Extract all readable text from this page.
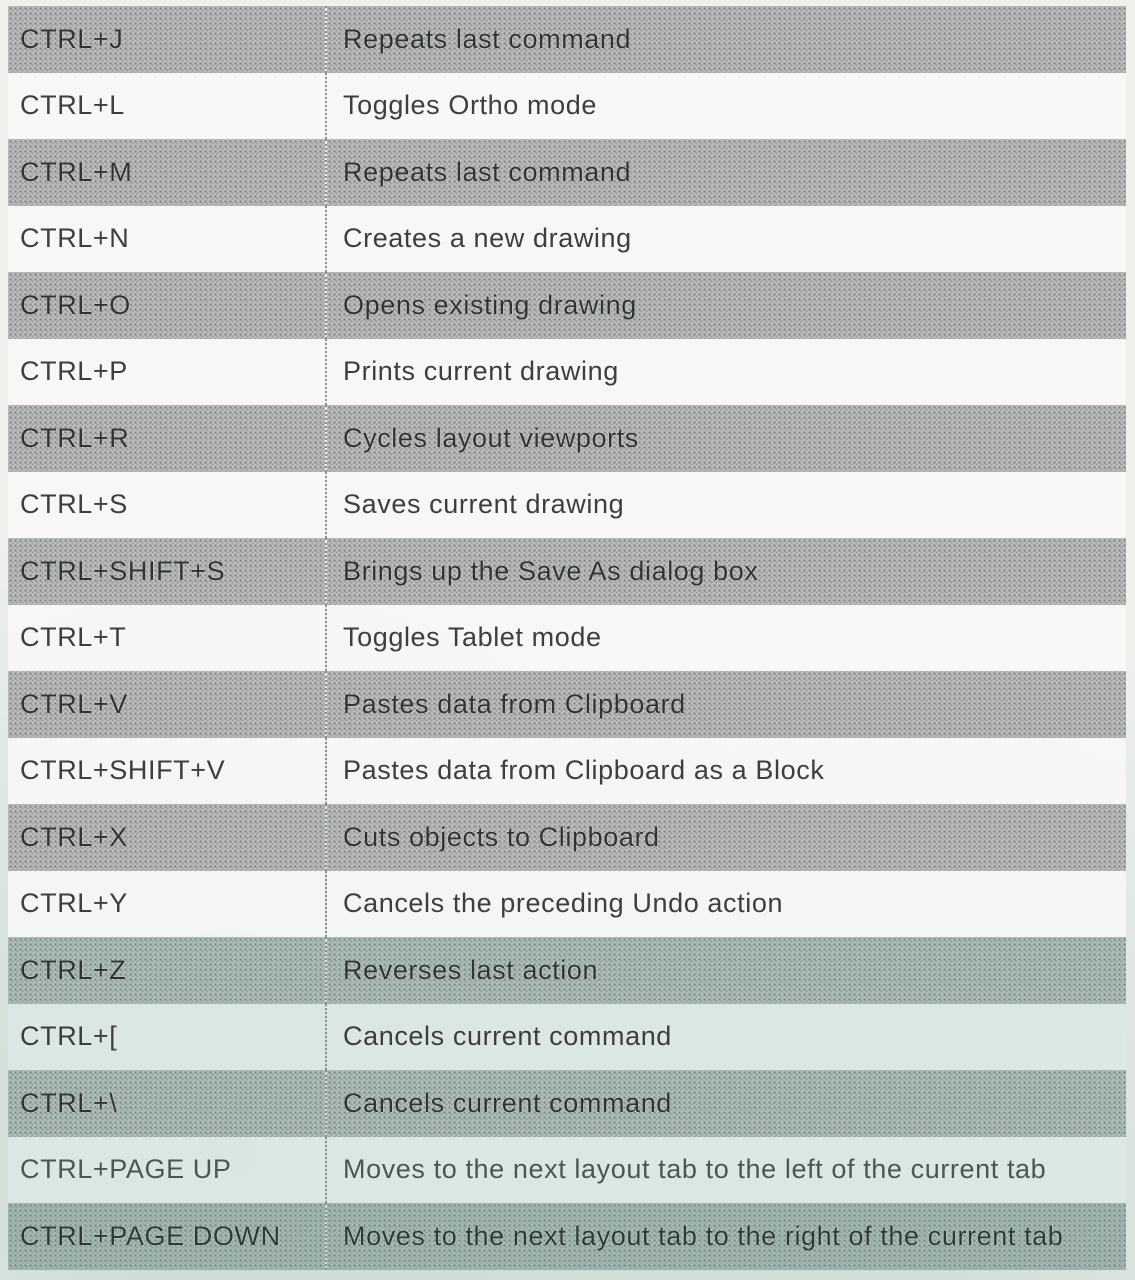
CTRL+J	Repeats last command
CTRL+L	Toggles Ortho mode
CTRL+M	Repeats last command
CTRL+N	Creates a new drawing
CTRL+O	Opens existing drawing
CTRL+P	Prints current drawing
CTRL+R	Cycles layout viewports
CTRL+S	Saves current drawing
CTRL+SHIFT+S	Brings up the Save As dialog box
CTRL+T	Toggles Tablet mode
CTRL+V	Pastes data from Clipboard
CTRL+SHIFT+V	Pastes data from Clipboard as a Block
CTRL+X	Cuts objects to Clipboard
CTRL+Y	Cancels the preceding Undo action
CTRL+Z	Reverses last action
CTRL+[	Cancels current command
CTRL+\	Cancels current command
CTRL+PAGE UP	Moves to the next layout tab to the left of the current tab
CTRL+PAGE DOWN	Moves to the next layout tab to the right of the current tab
